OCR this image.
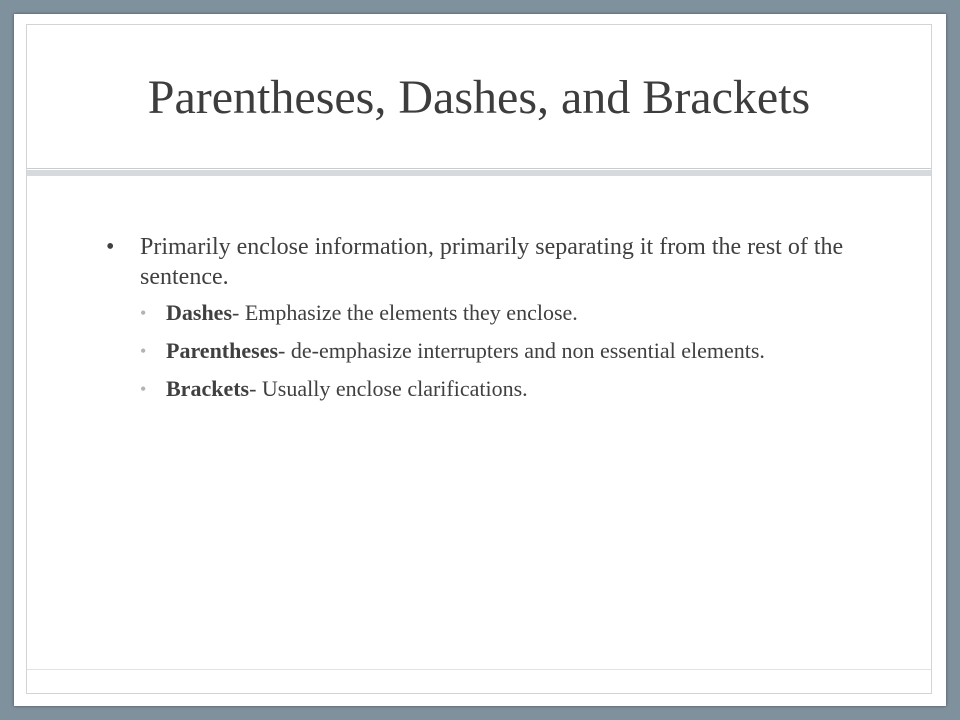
Parentheses, Dashes, and Brackets
• Primarily enclose information, primarily separating it from the rest of the sentence.
• Dashes- Emphasize the elements they enclose.
• Parentheses- de-emphasize interrupters and non essential elements.
• Brackets- Usually enclose clarifications.
